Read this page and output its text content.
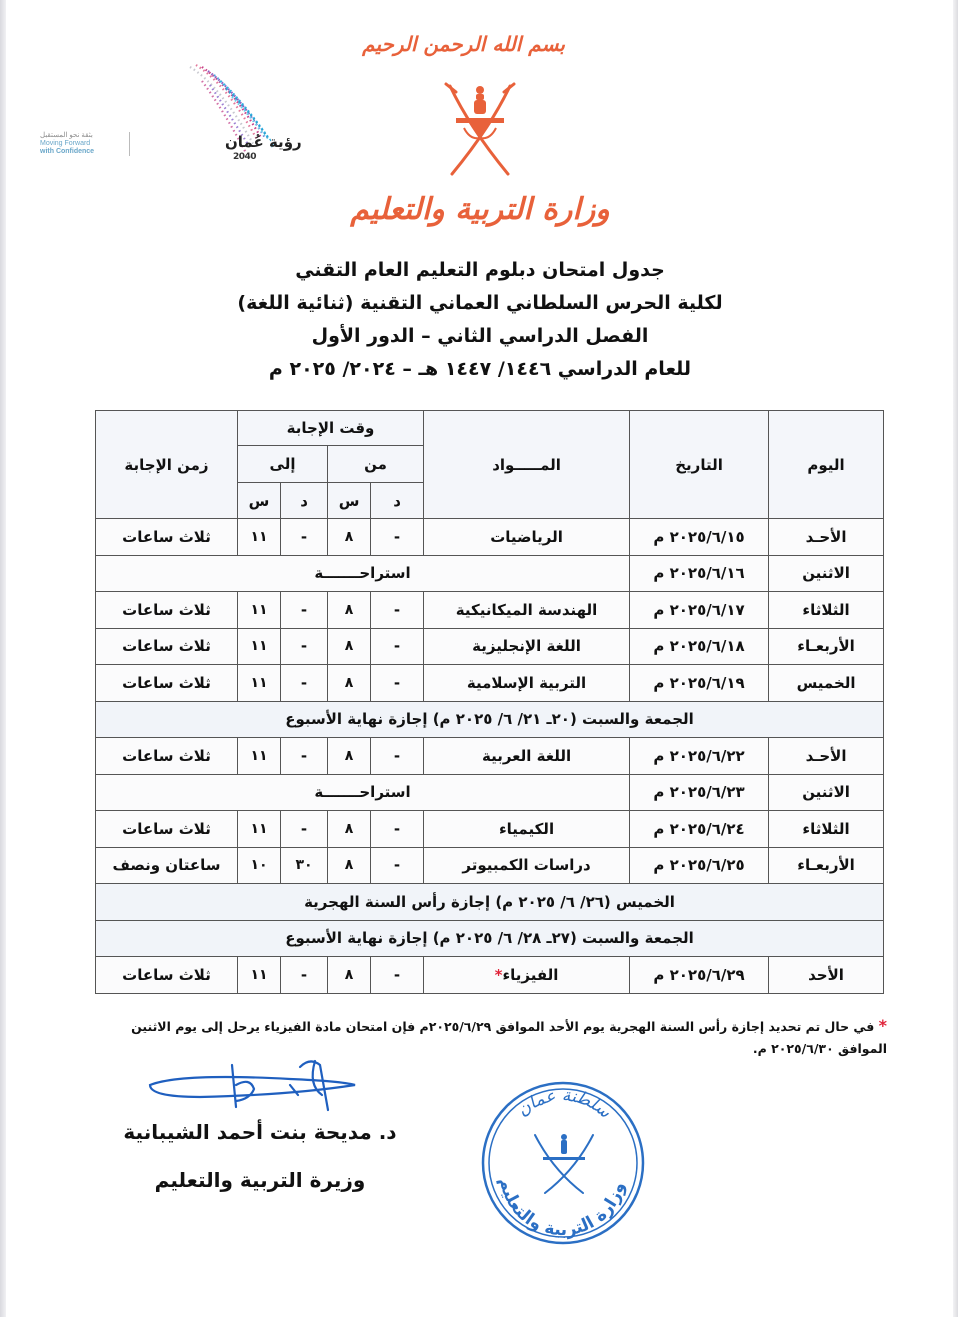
رؤية عُمان
2040
بثقة نحو المستقبل
Moving Forward
with Confidence
بسم الله الرحمن الرحيم
وزارة التربية والتعليم
جدول امتحان دبلوم التعليم العام التقني
لكلية الحرس السلطاني العماني التقنية (ثنائية اللغة)
الفصل الدراسي الثاني – الدور الأول
للعام الدراسي ١٤٤٦/ ١٤٤٧ هـ – ٢٠٢٤/ ٢٠٢٥ م
اليوم	التاريخ	المـــــواد	وقت الإجابة				زمن الإجابة
			من		إلى		
			د	س	د	س	
الأحـد	٢٠٢٥/٦/١٥ م	الرياضيات	-	٨	-	١١	ثلاث ساعات
الاثنين	٢٠٢٥/٦/١٦ م	استراحـــــــة					
الثلاثاء	٢٠٢٥/٦/١٧ م	الهندسة الميكانيكية	-	٨	-	١١	ثلاث ساعات
الأربعـاء	٢٠٢٥/٦/١٨ م	اللغة الإنجليزية	-	٨	-	١١	ثلاث ساعات
الخميس	٢٠٢٥/٦/١٩ م	التربية الإسلامية	-	٨	-	١١	ثلاث ساعات
الجمعة والسبت (٢٠ـ ٢١/ ٦/ ٢٠٢٥ م) إجازة نهاية الأسبوع							
الأحـد	٢٠٢٥/٦/٢٢ م	اللغة العربية	-	٨	-	١١	ثلاث ساعات
الاثنين	٢٠٢٥/٦/٢٣ م	استراحـــــــة					
الثلاثاء	٢٠٢٥/٦/٢٤ م	الكيمياء	-	٨	-	١١	ثلاث ساعات
الأربعـاء	٢٠٢٥/٦/٢٥ م	دراسات الكمبيوتر	-	٨	٣٠	١٠	ساعتان ونصف
الخميس (٢٦/ ٦/ ٢٠٢٥ م) إجازة رأس السنة الهجرية							
الجمعة والسبت (٢٧ـ ٢٨/ ٦/ ٢٠٢٥ م) إجازة نهاية الأسبوع							
الأحد	٢٠٢٥/٦/٢٩ م	الفيزياء*	-	٨	-	١١	ثلاث ساعات
* في حال تم تحديد إجازة رأس السنة الهجرية يوم الأحد الموافق ٢٠٢٥/٦/٢٩م فإن امتحان مادة الفيزياء يرحل إلى يوم الاثنين الموافق ٢٠٢٥/٦/٣٠ م.
د. مديحة بنت أحمد الشيبانية
وزيرة التربية والتعليم
سلطنة عمان
وزارة التربية والتعليم
